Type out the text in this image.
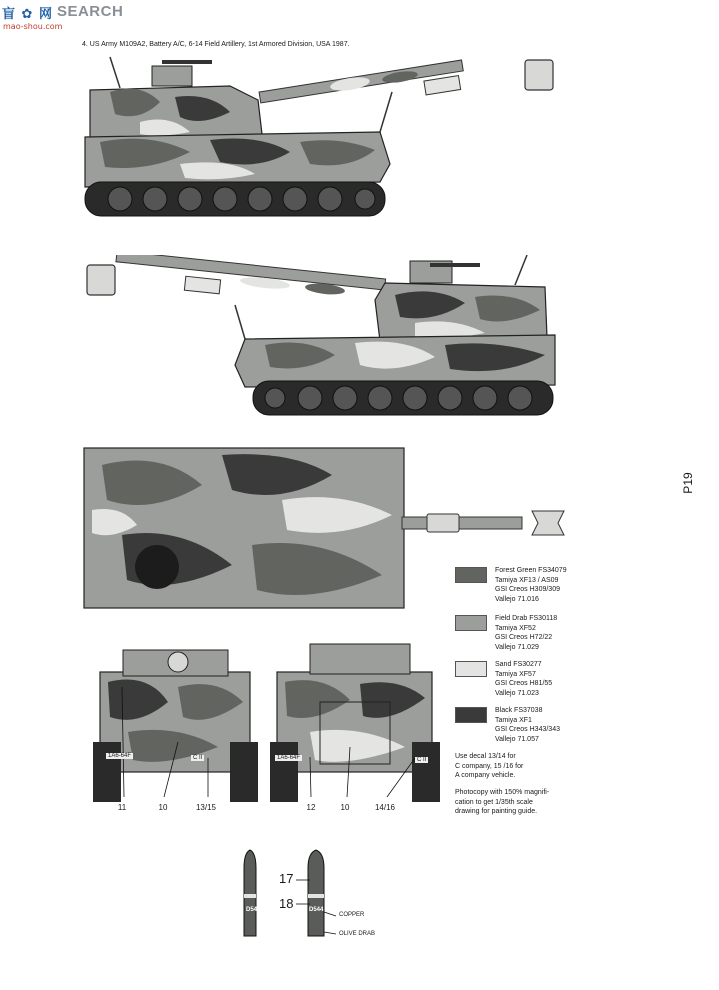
盲 ✿ 网 SEARCH
mao-shou.com
4. US Army M109A2, Battery A/C, 6-14 Field Artillery, 1st Armored Division, USA 1987.
P19
Forest Green FS34079
Tamiya XF13 / AS09
GSI Creos H309/309
Vallejo 71.016
Field Drab FS30118
Tamiya XF52
GSI Creos H72/22
Vallejo 71.029
Sand FS30277
Tamiya XF57
GSI Creos H81/55
Vallejo 71.023
Black FS37038
Tamiya XF1
GSI Creos H343/343
Vallejo 71.057
Use decal 13/14 for
C company, 15 /16 for
A company vehicle.
Photocopy with 150% magnifi-
cation to get 1/35th scale
drawing for painting guide.
1A6-64F	C II
11	10	13/15
1A6-64F	C II
12	10	14/16
D544	D544
17
18
COPPER
OLIVE DRAB
